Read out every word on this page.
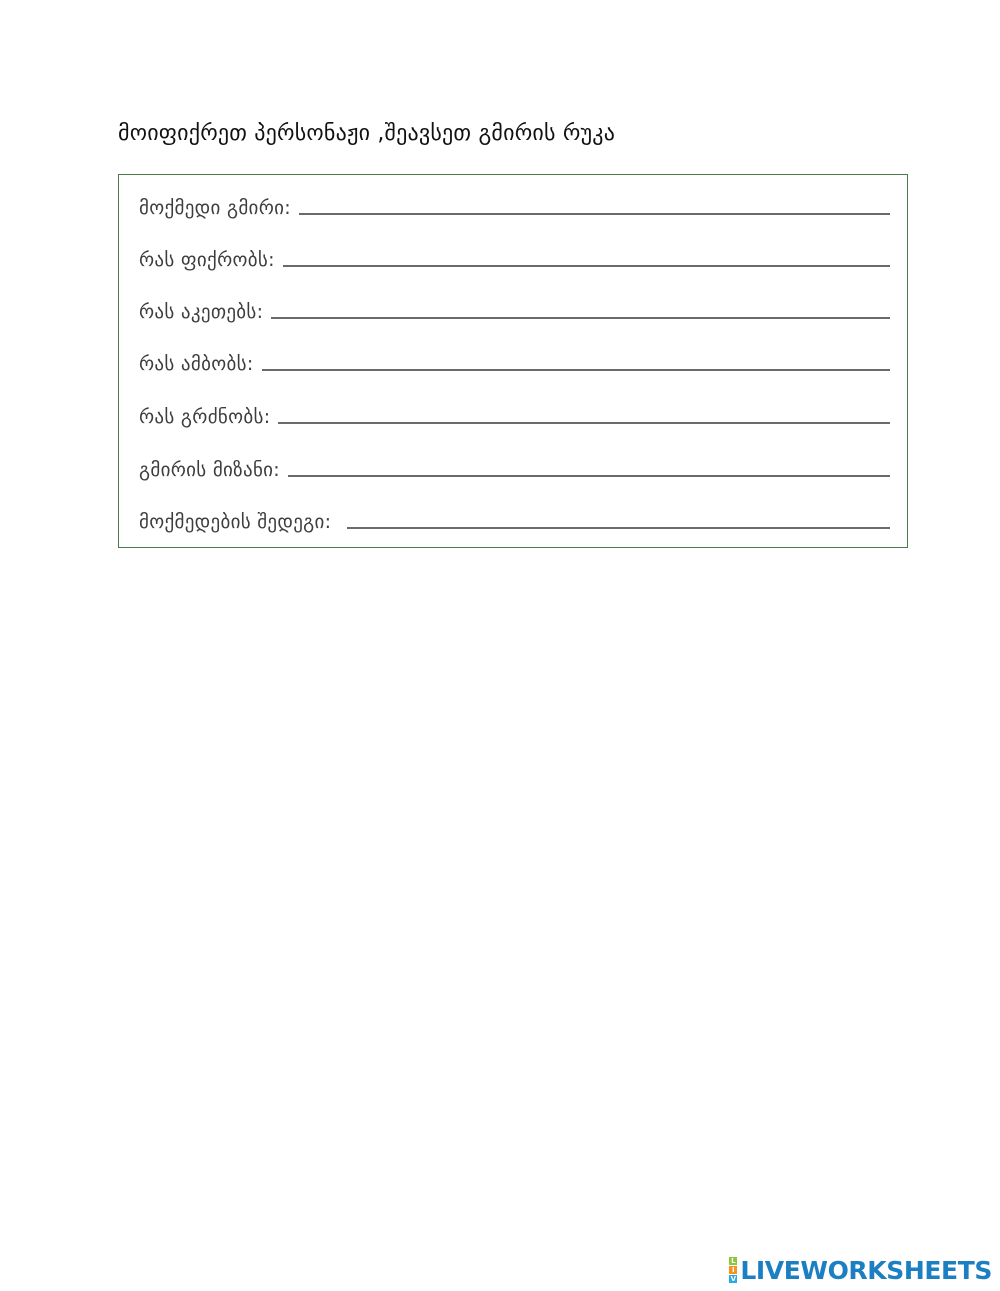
მოიფიქრეთ პერსონაჟი ,შეავსეთ გმირის რუკა
მოქმედი გმირი:
რას ფიქრობს:
რას აკეთებს:
რას ამბობს:
რას გრძნობს:
გმირის მიზანი:
მოქმედების შედეგი:
L
I
V LIVEWORKSHEETS
